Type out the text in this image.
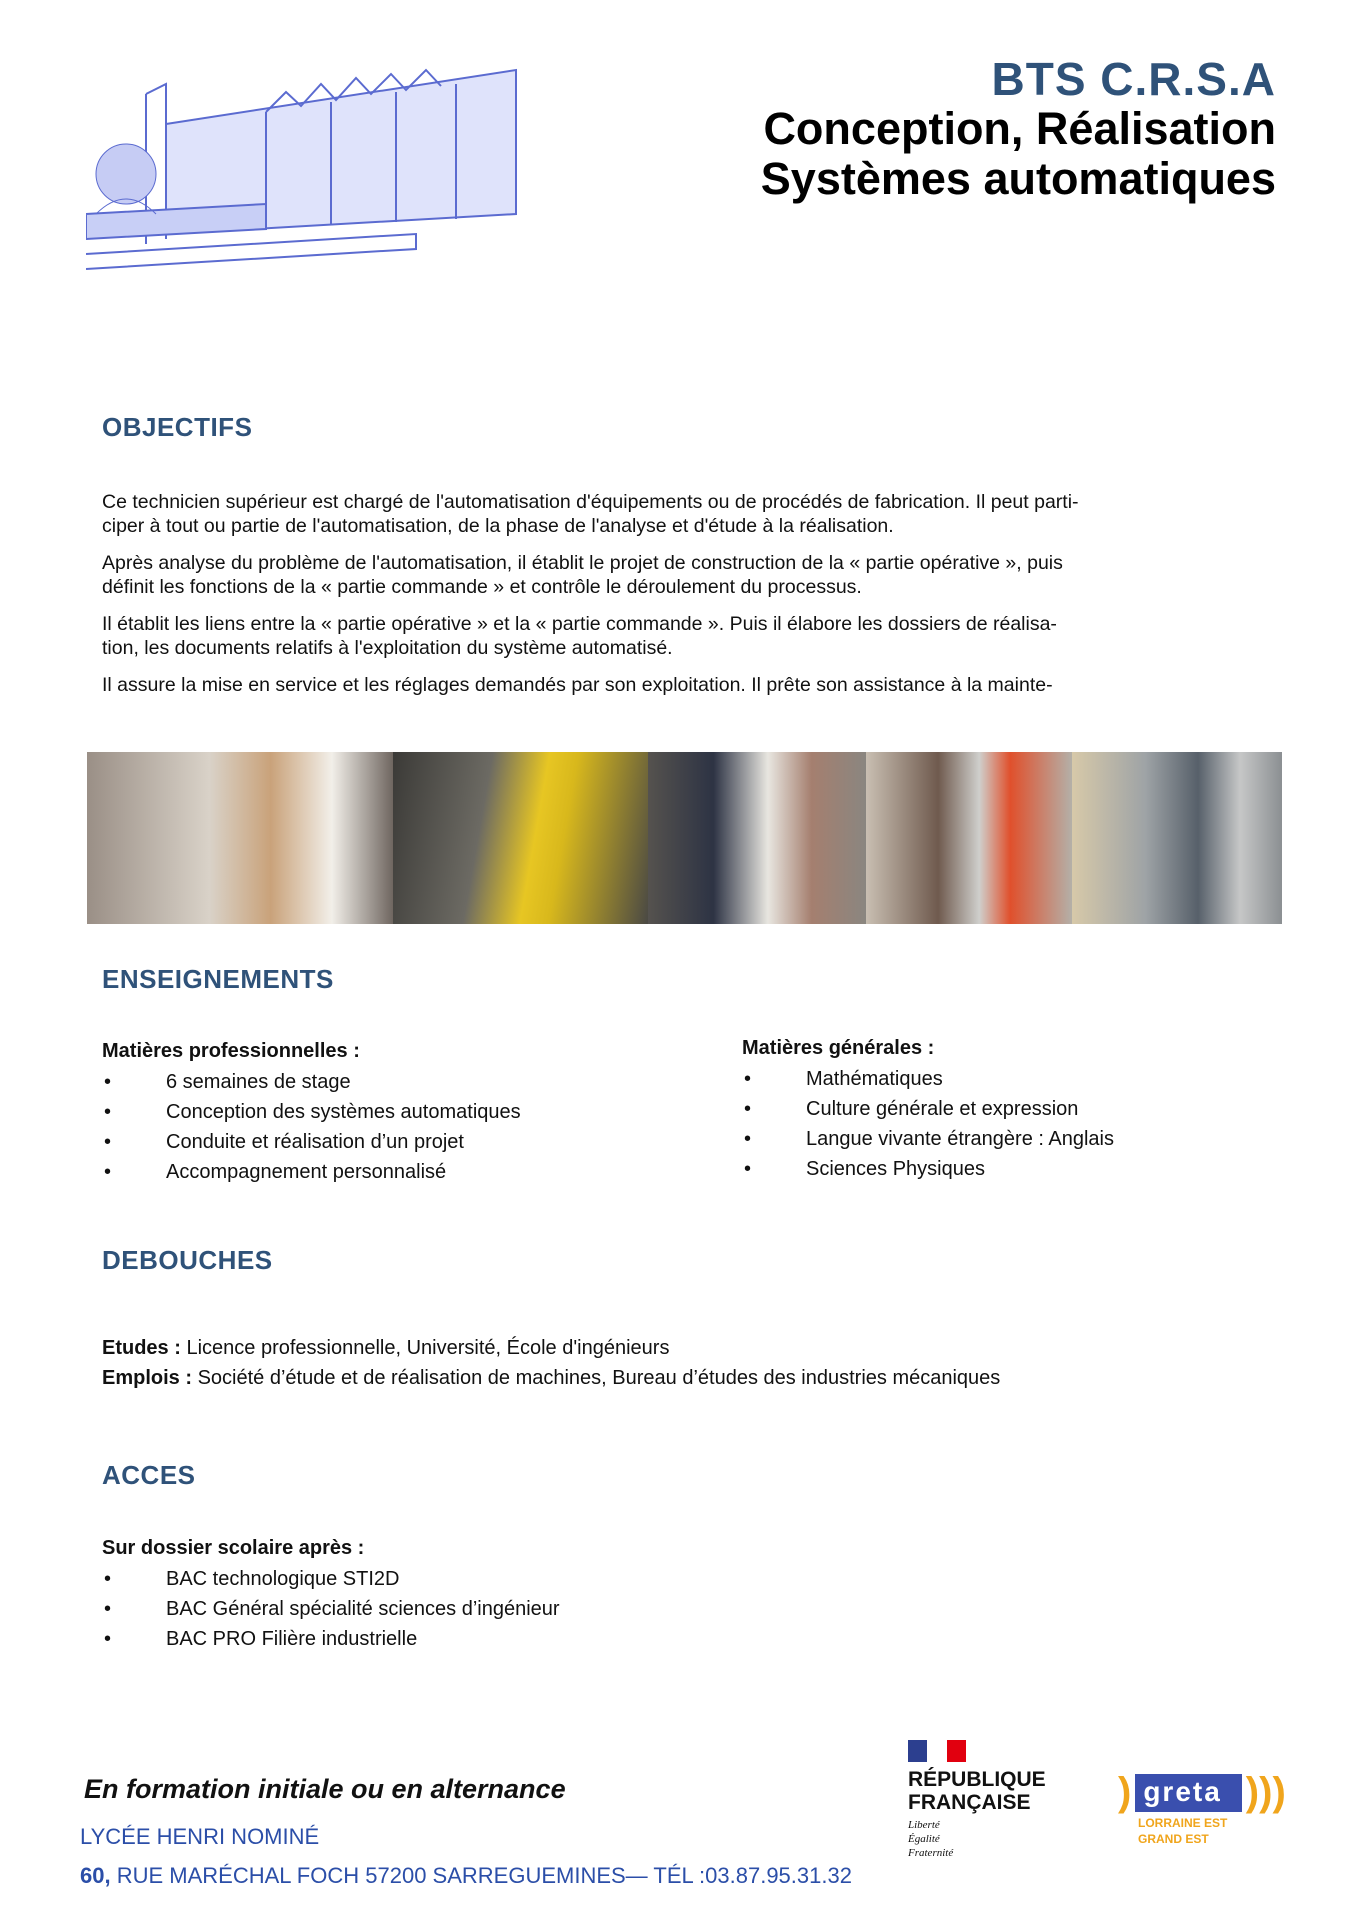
BTS C.R.S.A
Conception, Réalisation
Systèmes automatiques
OBJECTIFS

Ce technicien supérieur est chargé de l'automatisation d'équipements ou de procédés de fabrication. Il peut parti-
ciper à tout ou partie de l'automatisation, de la phase de l'analyse et d'étude à la réalisation.

Après analyse du problème de l'automatisation, il établit le projet de construction de la « partie opérative », puis
définit les fonctions de la « partie commande » et contrôle le déroulement du processus.

Il établit les liens entre la « partie opérative » et la « partie commande ». Puis il élabore les dossiers de réalisa-
tion, les documents relatifs à l'exploitation du système automatisé.

Il assure la mise en service et les réglages demandés par son exploitation. Il prête son assistance à la mainte-

ENSEIGNEMENTS
Matières professionnelles :
• 6 semaines de stage
• Conception des systèmes automatiques
• Conduite et réalisation d’un projet
• Accompagnement personnalisé
Matières générales :
• Mathématiques
• Culture générale et expression
• Langue vivante étrangère : Anglais
• Sciences Physiques
DEBOUCHES
Etudes : Licence professionnelle, Université, École d'ingénieurs
Emplois : Société d’étude et de réalisation de machines, Bureau d’études des industries mécaniques
ACCES
Sur dossier scolaire après :
• BAC technologique STI2D
• BAC Général spécialité sciences d’ingénieur
• BAC PRO Filière industrielle
En formation initiale ou en alternance
LYCÉE HENRI NOMINÉ
60, RUE MARÉCHAL FOCH 57200 SARREGUEMINES— TÉL :03.87.95.31.32
RÉPUBLIQUE
FRANÇAISE
Liberté
Égalité
Fraternité
) greta )))
LORRAINE EST
GRAND EST
